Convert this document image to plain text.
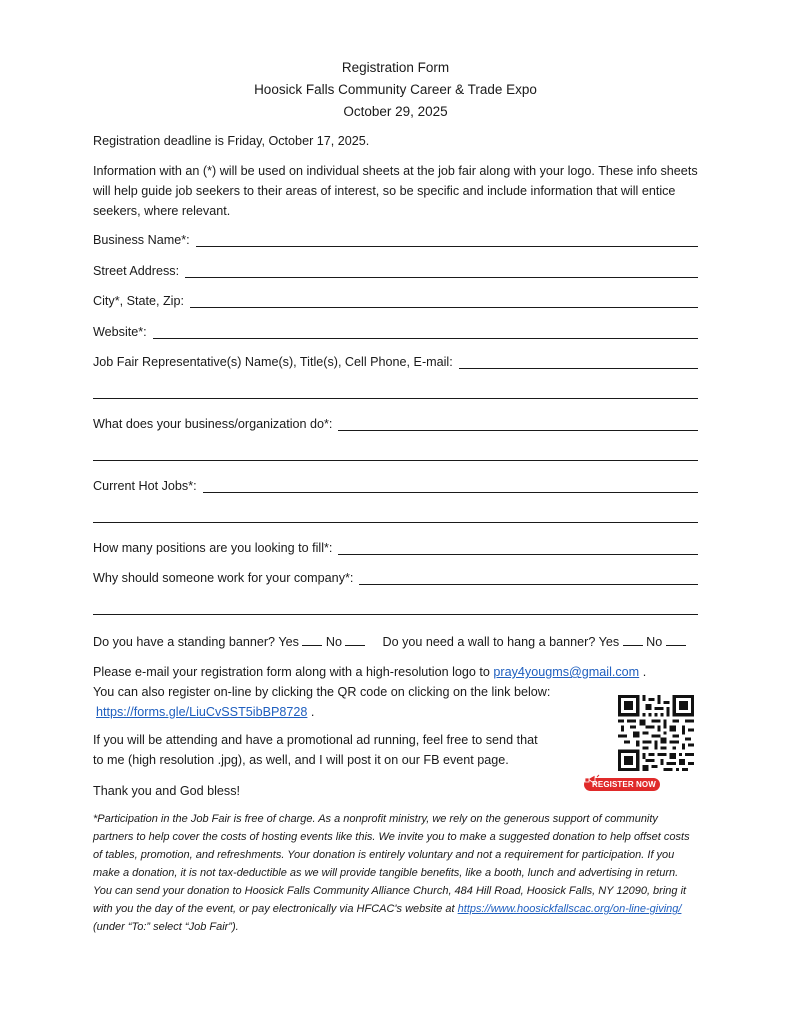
Registration Form
Hoosick Falls Community Career & Trade Expo
October 29, 2025

Registration deadline is Friday, October 17, 2025.

Information with an (*) will be used on individual sheets at the job fair along with your logo. These info sheets will help guide job seekers to their areas of interest, so be specific and include information that will entice seekers, where relevant.

Business Name*:
Street Address:
City*, State, Zip:
Website*:
Job Fair Representative(s) Name(s), Title(s), Cell Phone, E-mail:
What does your business/organization do*:
Current Hot Jobs*:
How many positions are you looking to fill*:
Why should someone work for your company*:
Do you have a standing banner? Yes No	Do you need a wall to hang a banner? Yes No
Please e-mail your registration form along with a high-resolution logo to pray4yougms@gmail.com .
You can also register on-line by clicking the QR code on clicking on the link below:
https://forms.gle/LiuCvSST5ibBP8728 .
If you will be attending and have a promotional ad running, feel free to send that
to me (high resolution .jpg), as well, and I will post it on our FB event page.
Thank you and God bless!	REGISTER NOW

*Participation in the Job Fair is free of charge. As a nonprofit ministry, we rely on the generous support of community partners to help cover the costs of hosting events like this. We invite you to make a suggested donation to help offset costs of tables, promotion, and refreshments. Your donation is entirely voluntary and not a requirement for participation. If you make a donation, it is not tax-deductible as we will provide tangible benefits, like a booth, lunch and advertising in return. You can send your donation to Hoosick Falls Community Alliance Church, 484 Hill Road, Hoosick Falls, NY 12090, bring it with you the day of the event, or pay electronically via HFCAC's website at https://www.hoosickfallscac.org/on-line-giving/ (under “To:” select “Job Fair”).
